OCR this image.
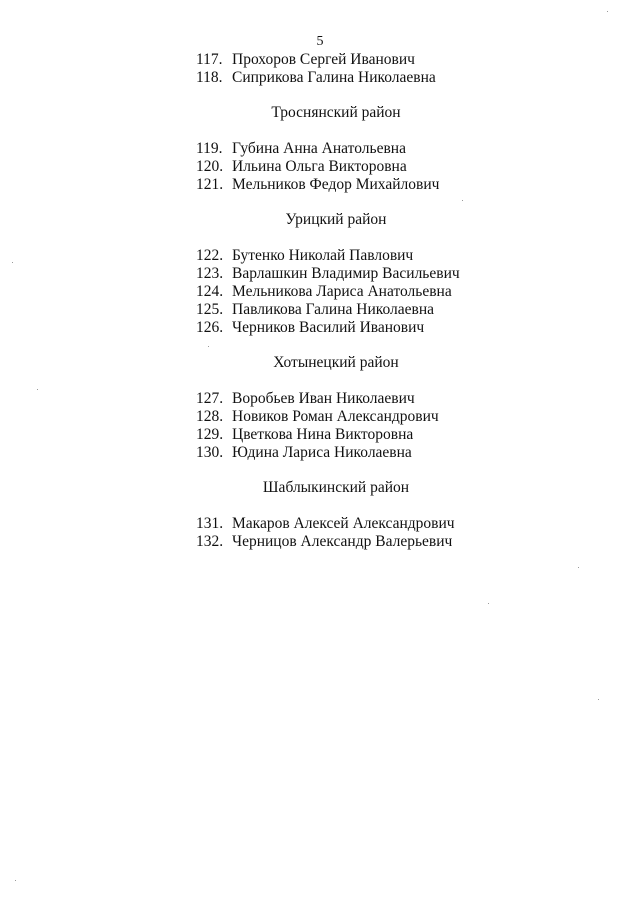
5
117. Прохоров Сергей Иванович
118. Сиприкова Галина Николаевна
Троснянский район
119. Губина Анна Анатольевна
120. Ильина Ольга Викторовна
121. Мельников Федор Михайлович
Урицкий район
122. Бутенко Николай Павлович
123. Варлашкин Владимир Васильевич
124. Мельникова Лариса Анатольевна
125. Павликова Галина Николаевна
126. Черников Василий Иванович
Хотынецкий район
127. Воробьев Иван Николаевич
128. Новиков Роман Александрович
129. Цветкова Нина Викторовна
130. Юдина Лариса Николаевна
Шаблыкинский район
131. Макаров Алексей Александрович
132. Черницов Александр Валерьевич
